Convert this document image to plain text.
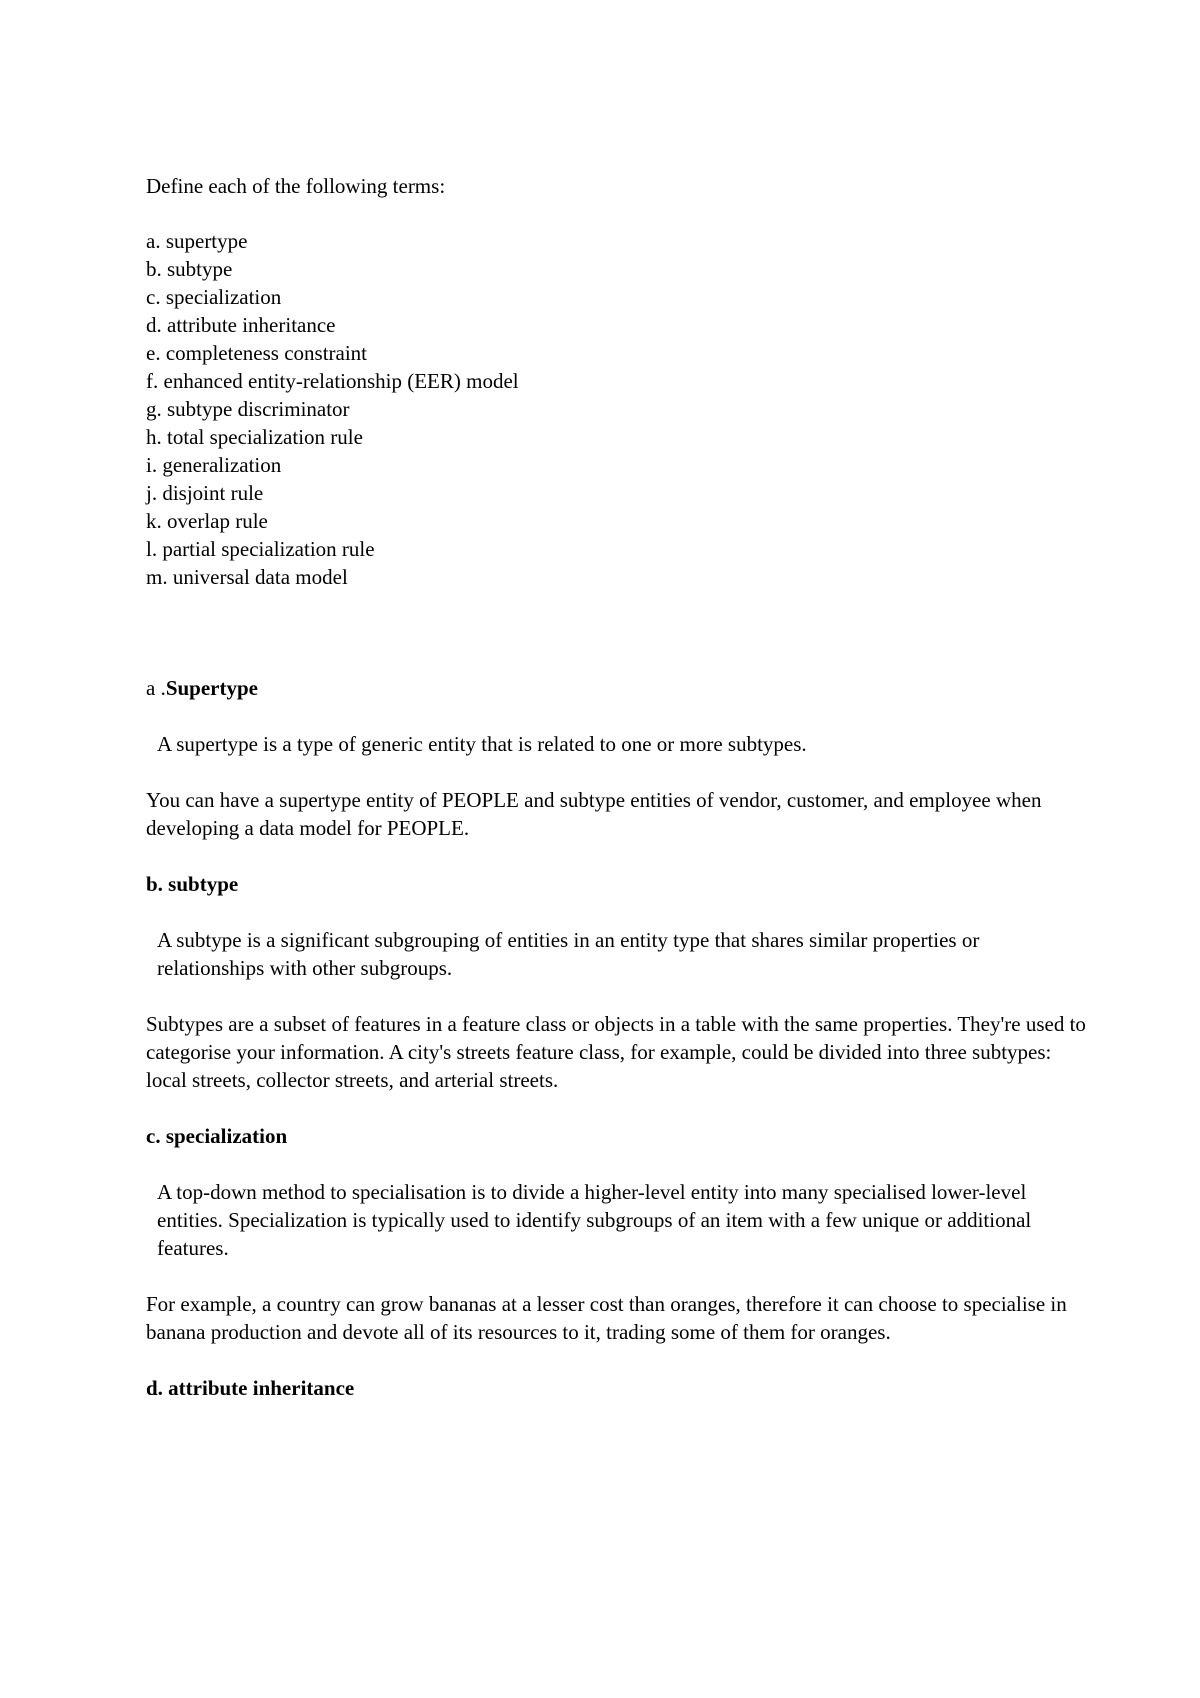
Define each of the following terms:

a. supertype
b. subtype
c. specialization
d. attribute inheritance
e. completeness constraint
f. enhanced entity-relationship (EER) model
g. subtype discriminator
h. total specialization rule
i. generalization
j. disjoint rule
k. overlap rule
l. partial specialization rule
m. universal data model

a .Supertype

A supertype is a type of generic entity that is related to one or more subtypes.

You can have a supertype entity of PEOPLE and subtype entities of vendor, customer, and employee when developing a data model for PEOPLE.

b. subtype

A subtype is a significant subgrouping of entities in an entity type that shares similar properties or relationships with other subgroups.

Subtypes are a subset of features in a feature class or objects in a table with the same properties. They're used to categorise your information. A city's streets feature class, for example, could be divided into three subtypes: local streets, collector streets, and arterial streets.

c. specialization

A top-down method to specialisation is to divide a higher-level entity into many specialised lower-level entities. Specialization is typically used to identify subgroups of an item with a few unique or additional features.

For example, a country can grow bananas at a lesser cost than oranges, therefore it can choose to specialise in banana production and devote all of its resources to it, trading some of them for oranges.

d. attribute inheritance
